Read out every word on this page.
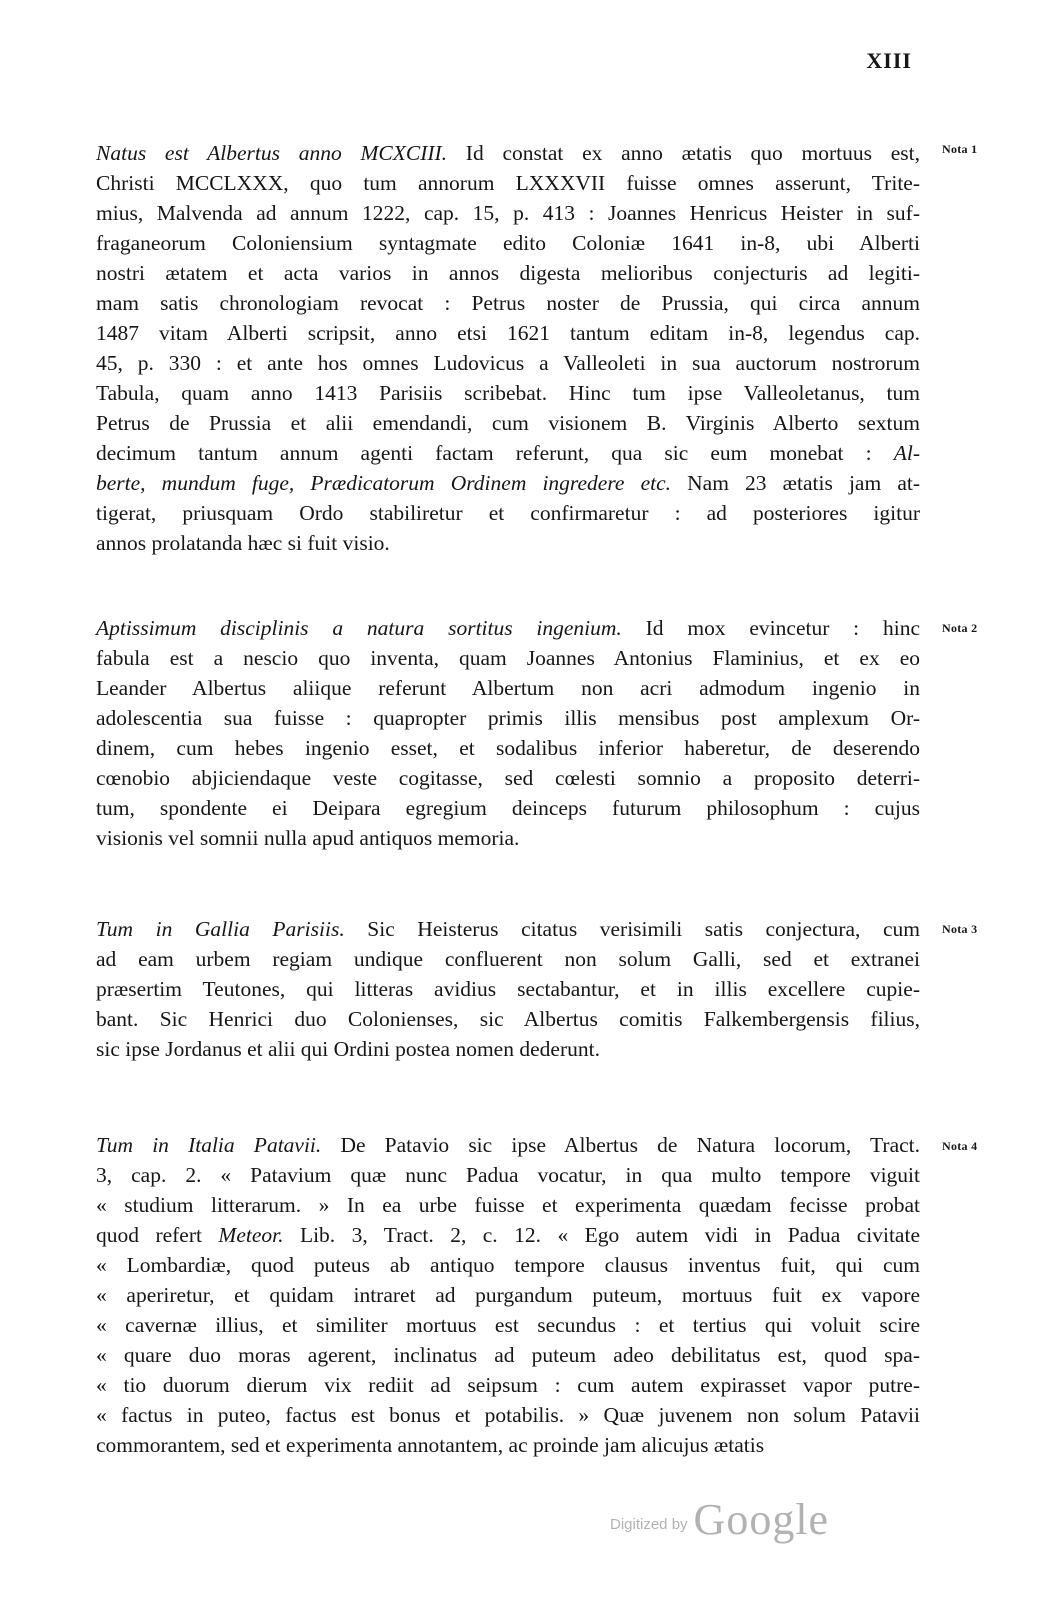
XIII
Natus est Albertus anno MCXCIII. Id constat ex anno ætatis quo mortuus est,
Christi MCCLXXX, quo tum annorum LXXXVII fuisse omnes asserunt, Trite-
mius, Malvenda ad annum 1222, cap. 15, p. 413 : Joannes Henricus Heister in suf-
fraganeorum Coloniensium syntagmate edito Coloniæ 1641 in-8, ubi Alberti
nostri ætatem et acta varios in annos digesta melioribus conjecturis ad legiti-
mam satis chronologiam revocat : Petrus noster de Prussia, qui circa annum
1487 vitam Alberti scripsit, anno etsi 1621 tantum editam in-8, legendus cap.
45, p. 330 : et ante hos omnes Ludovicus a Valleoleti in sua auctorum nostrorum
Tabula, quam anno 1413 Parisiis scribebat. Hinc tum ipse Valleoletanus, tum
Petrus de Prussia et alii emendandi, cum visionem B. Virginis Alberto sextum
decimum tantum annum agenti factam referunt, qua sic eum monebat : Al-
berte, mundum fuge, Prædicatorum Ordinem ingredere etc. Nam 23 ætatis jam at-
tigerat, priusquam Ordo stabiliretur et confirmaretur : ad posteriores igitur
annos prolatanda hæc si fuit visio.
Nota 1
Aptissimum disciplinis a natura sortitus ingenium. Id mox evincetur : hinc
fabula est a nescio quo inventa, quam Joannes Antonius Flaminius, et ex eo
Leander Albertus aliique referunt Albertum non acri admodum ingenio in
adolescentia sua fuisse : quapropter primis illis mensibus post amplexum Or-
dinem, cum hebes ingenio esset, et sodalibus inferior haberetur, de deserendo
cœnobio abjiciendaque veste cogitasse, sed cœlesti somnio a proposito deterri-
tum, spondente ei Deipara egregium deinceps futurum philosophum : cujus
visionis vel somnii nulla apud antiquos memoria.
Nota 2
Tum in Gallia Parisiis. Sic Heisterus citatus verisimili satis conjectura, cum
ad eam urbem regiam undique confluerent non solum Galli, sed et extranei
præsertim Teutones, qui litteras avidius sectabantur, et in illis excellere cupie-
bant. Sic Henrici duo Colonienses, sic Albertus comitis Falkembergensis filius,
sic ipse Jordanus et alii qui Ordini postea nomen dederunt.
Nota 3
Tum in Italia Patavii. De Patavio sic ipse Albertus de Natura locorum, Tract.
3, cap. 2. « Patavium quæ nunc Padua vocatur, in qua multo tempore viguit
« studium litterarum. » In ea urbe fuisse et experimenta quædam fecisse probat
quod refert Meteor. Lib. 3, Tract. 2, c. 12. « Ego autem vidi in Padua civitate
« Lombardiæ, quod puteus ab antiquo tempore clausus inventus fuit, qui cum
« aperiretur, et quidam intraret ad purgandum puteum, mortuus fuit ex vapore
« cavernæ illius, et similiter mortuus est secundus : et tertius qui voluit scire
« quare duo moras agerent, inclinatus ad puteum adeo debilitatus est, quod spa-
« tio duorum dierum vix rediit ad seipsum : cum autem expirasset vapor putre-
« factus in puteo, factus est bonus et potabilis. » Quæ juvenem non solum Patavii
commorantem, sed et experimenta annotantem, ac proinde jam alicujus ætatis
Nota 4
Digitized by Google
